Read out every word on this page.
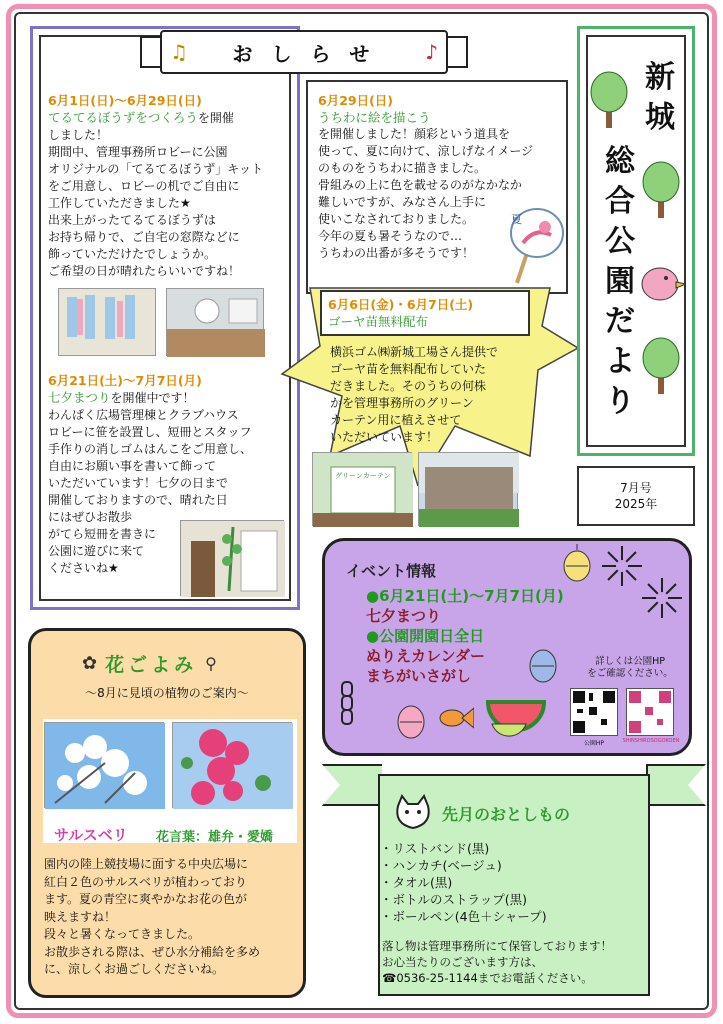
6月1日(日)～6月29日(日)
てるてるぼうずをつくろうを開催
しました！
期間中、管理事務所ロビーに公園
オリジナルの「てるてるぼうず」キット
をご用意し、ロビーの机でご自由に
工作していただきました★
出来上がったてるてるぼうずは
お持ち帰りで、ご自宅の窓際などに
飾っていただけたでしょうか。
ご希望の日が晴れたらいいですね！
6月21日(土)～7月7日(月)
七夕まつりを開催中です！
わんぱく広場管理棟とクラブハウス
ロビーに笹を設置し、短冊とスタッフ
手作りの消しゴムはんこをご用意し、
自由にお願い事を書いて飾って
いただいています！七夕の日まで
開催しておりますので、晴れた日
にはぜひお散歩
がてら短冊を書きに
公園に遊びに来て
くださいね★
♫ お し ら せ ♪
6月29日(日)
うちわに絵を描こう
を開催しました！顔彩という道具を
使って、夏に向けて、涼しげなイメージ
のものをうちわに描きました。
骨組みの上に色を載せるのがなかなか
難しいですが、みなさん上手に
使いこなされておりました。
今年の夏も暑そうなので…
うちわの出番が多そうです！
夏
6月6日(金)・6月7日(土)
ゴーヤ苗無料配布
横浜ゴム㈱新城工場さん提供で
ゴーヤ苗を無料配布していた
だきました。そのうちの何株
かを管理事務所のグリーン
カーテン用に植えさせて
いただいています！
グリーンカーテン
新
城
総
合
公
園
だ
よ
り
7月号
2025年
イベント情報
●6月21日(土)～7月7日(月)
七夕まつり
●公園開園日全日
ぬりえカレンダー
まちがいさがし
詳しくは公園HP
をご確認ください。
公園HP	SHINSHIROSOGOKOEN
✿ 花ごよみ ⚲
～8月に見頃の植物のご案内～
サルスベリ 花言葉：雄弁・愛嬌
園内の陸上競技場に面する中央広場に
紅白２色のサルスベリが植わっており
ます。夏の青空に爽やかなお花の色が
映えますね！
段々と暑くなってきました。
お散歩される際は、ぜひ水分補給を多め
に、涼しくお過ごしくださいね。
先月のおとしもの
・リストバンド(黒)
・ハンカチ(ベージュ)
・タオル(黒)
・ボトルのストラップ(黒)
・ボールペン(4色＋シャープ)
落し物は管理事務所にて保管しております！
お心当たりのございます方は、
☎0536-25-1144までお電話ください。
